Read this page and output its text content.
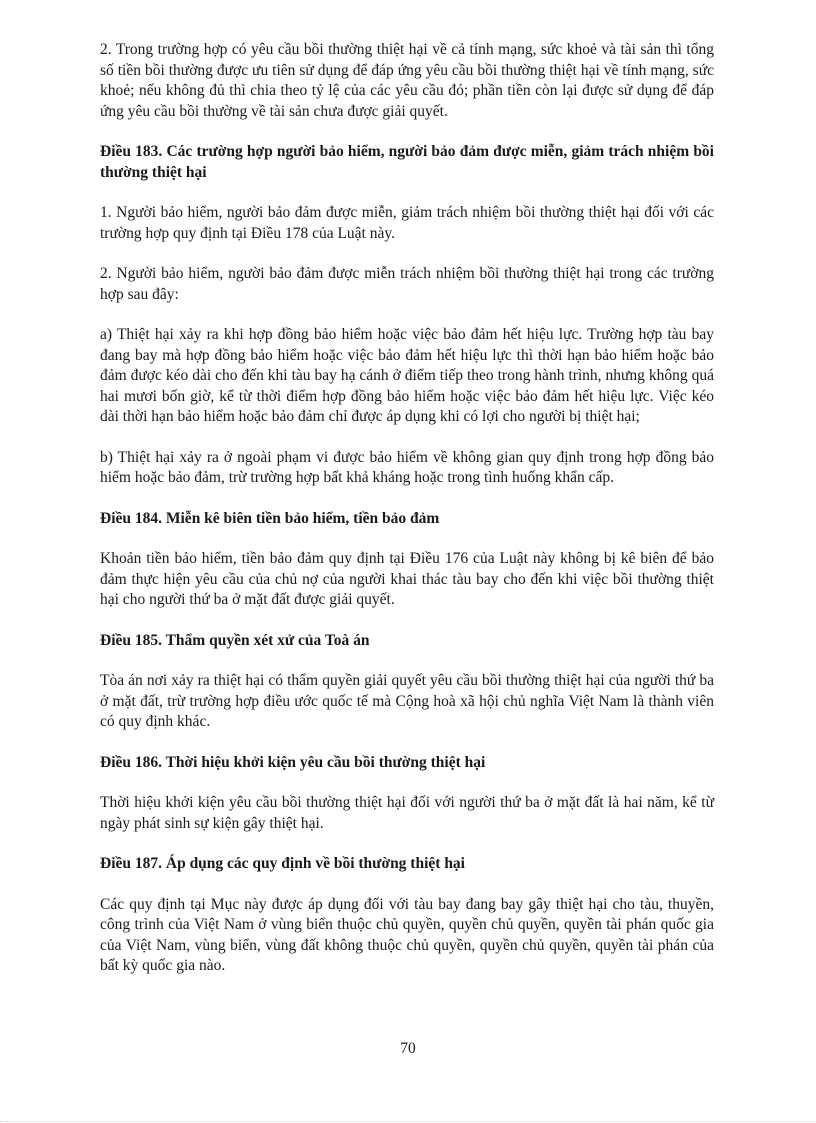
2. Trong trường hợp có yêu cầu bồi thường thiệt hại về cả tính mạng, sức khoẻ và tài sản thì tổng số tiền bồi thường được ưu tiên sử dụng để đáp ứng yêu cầu bồi thường thiệt hại về tính mạng, sức khoẻ; nếu không đủ thì chia theo tỷ lệ của các yêu cầu đó; phần tiền còn lại được sử dụng để đáp ứng yêu cầu bồi thường về tài sản chưa được giải quyết.

Điều 183. Các trường hợp người bảo hiểm, người bảo đảm được miễn, giảm trách nhiệm bồi thường thiệt hại

1. Người bảo hiểm, người bảo đảm được miễn, giảm trách nhiệm bồi thường thiệt hại đối với các trường hợp quy định tại Điều 178 của Luật này.

2. Người bảo hiểm, người bảo đảm được miễn trách nhiệm bồi thường thiệt hại trong các trường hợp sau đây:

a) Thiệt hại xảy ra khi hợp đồng bảo hiểm hoặc việc bảo đảm hết hiệu lực. Trường hợp tàu bay đang bay mà hợp đồng bảo hiểm hoặc việc bảo đảm hết hiệu lực thì thời hạn bảo hiểm hoặc bảo đảm được kéo dài cho đến khi tàu bay hạ cánh ở điểm tiếp theo trong hành trình, nhưng không quá hai mươi bốn giờ, kể từ thời điểm hợp đồng bảo hiểm hoặc việc bảo đảm hết hiệu lực. Việc kéo dài thời hạn bảo hiểm hoặc bảo đảm chỉ được áp dụng khi có lợi cho người bị thiệt hại;

b) Thiệt hại xảy ra ở ngoài phạm vi được bảo hiểm về không gian quy định trong hợp đồng bảo hiểm hoặc bảo đảm, trừ trường hợp bất khả kháng hoặc trong tình huống khẩn cấp.

Điều 184. Miễn kê biên tiền bảo hiểm, tiền bảo đảm

Khoản tiền bảo hiểm, tiền bảo đảm quy định tại Điều 176 của Luật này không bị kê biên để bảo đảm thực hiện yêu cầu của chủ nợ của người khai thác tàu bay cho đến khi việc bồi thường thiệt hại cho người thứ ba ở mặt đất được giải quyết.

Điều 185. Thẩm quyền xét xử của Toà án

Tòa án nơi xảy ra thiệt hại có thẩm quyền giải quyết yêu cầu bồi thường thiệt hại của người thứ ba ở mặt đất, trừ trường hợp điều ước quốc tế mà Cộng hoà xã hội chủ nghĩa Việt Nam là thành viên có quy định khác.

Điều 186. Thời hiệu khởi kiện yêu cầu bồi thường thiệt hại

Thời hiệu khởi kiện yêu cầu bồi thường thiệt hại đối với người thứ ba ở mặt đất là hai năm, kể từ ngày phát sinh sự kiện gây thiệt hại.

Điều 187. Áp dụng các quy định về bồi thường thiệt hại

Các quy định tại Mục này được áp dụng đối với tàu bay đang bay gây thiệt hại cho tàu, thuyền, công trình của Việt Nam ở vùng biển thuộc chủ quyền, quyền chủ quyền, quyền tài phán quốc gia của Việt Nam, vùng biển, vùng đất không thuộc chủ quyền, quyền chủ quyền, quyền tài phán của bất kỳ quốc gia nào.

70
